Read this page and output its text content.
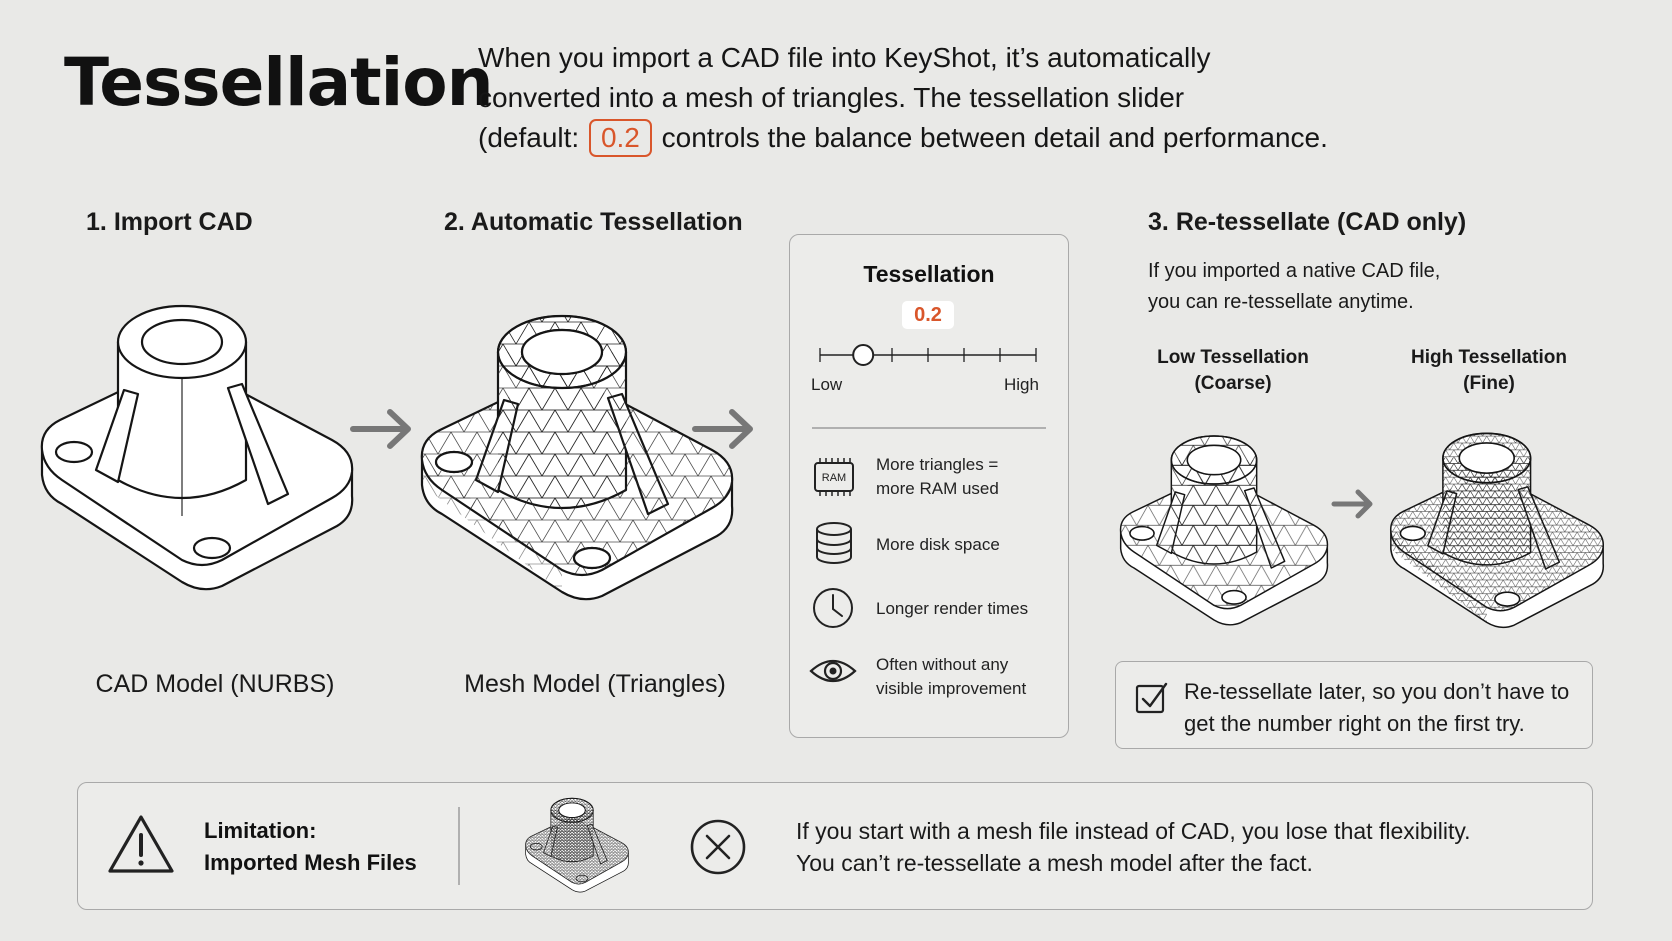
Tessellation
When you import a CAD file into KeyShot, it’s automatically
converted into a mesh of triangles. The tessellation slider
(default: 0.2 controls the balance between detail and performance.
1. Import CAD
CAD Model (NURBS)
2. Automatic Tessellation
Mesh Model (Triangles)
Tessellation
0.2
Low	High
RAM
More triangles =
more RAM used
More disk space
Longer render times
Often without any
visible improvement
3. Re-tessellate (CAD only)
If you imported a native CAD file,
you can re-tessellate anytime.
Low Tessellation
(Coarse)
High Tessellation
(Fine)
Re-tessellate later, so you don’t have to
get the number right on the first try.
Limitation:
Imported Mesh Files
If you start with a mesh file instead of CAD, you lose that flexibility.
You can’t re-tessellate a mesh model after the fact.
